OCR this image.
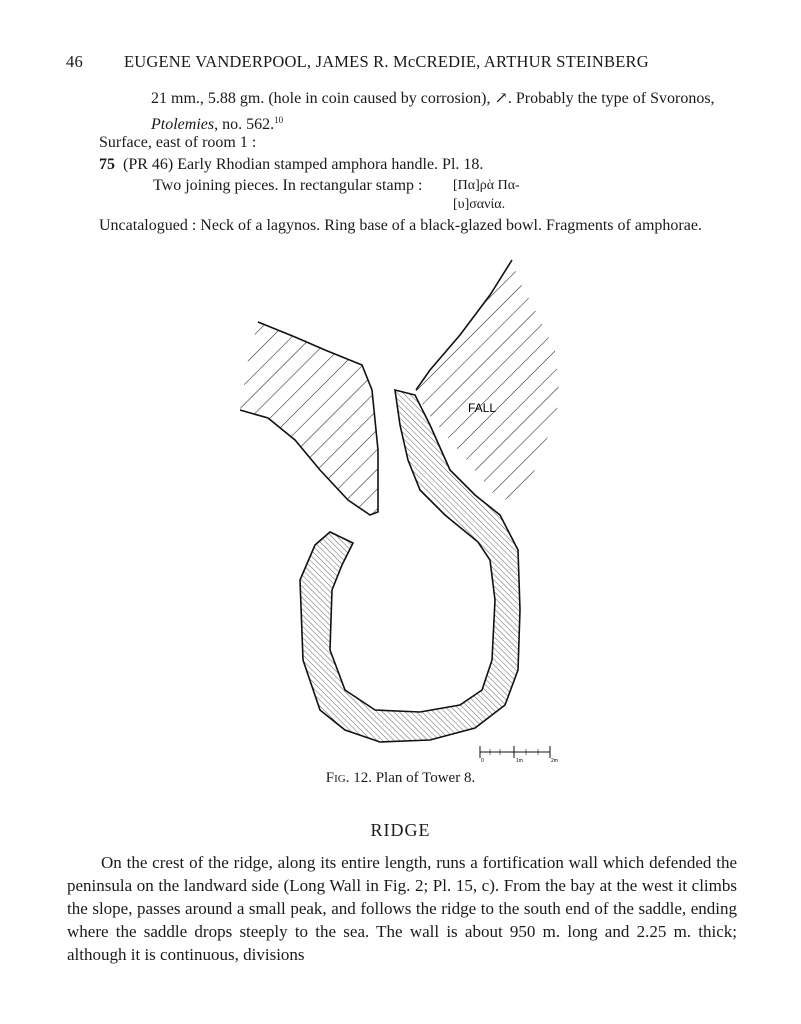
46 EUGENE VANDERPOOL, JAMES R. McCREDIE, ARTHUR STEINBERG
21 mm., 5.88 gm. (hole in coin caused by corrosion), ↗. Probably the type of Svoronos,
Ptolemies, no. 562.10
Surface, east of room 1 :
75 (PR 46) Early Rhodian stamped amphora handle. Pl. 18.
Two joining pieces. In rectangular stamp : [Πα]ρὰ Πα-
[υ]σανία.
Uncatalogued : Neck of a lagynos. Ring base of a black-glazed bowl. Fragments of amphorae.
FALL
0	1m	2m
Fig. 12. Plan of Tower 8.
RIDGE
On the crest of the ridge, along its entire length, runs a fortification wall which defended the peninsula on the landward side (Long Wall in Fig. 2; Pl. 15, c). From the bay at the west it climbs the slope, passes around a small peak, and follows the ridge to the south end of the saddle, ending where the saddle drops steeply to the sea. The wall is about 950 m. long and 2.25 m. thick; although it is continuous, divisions
